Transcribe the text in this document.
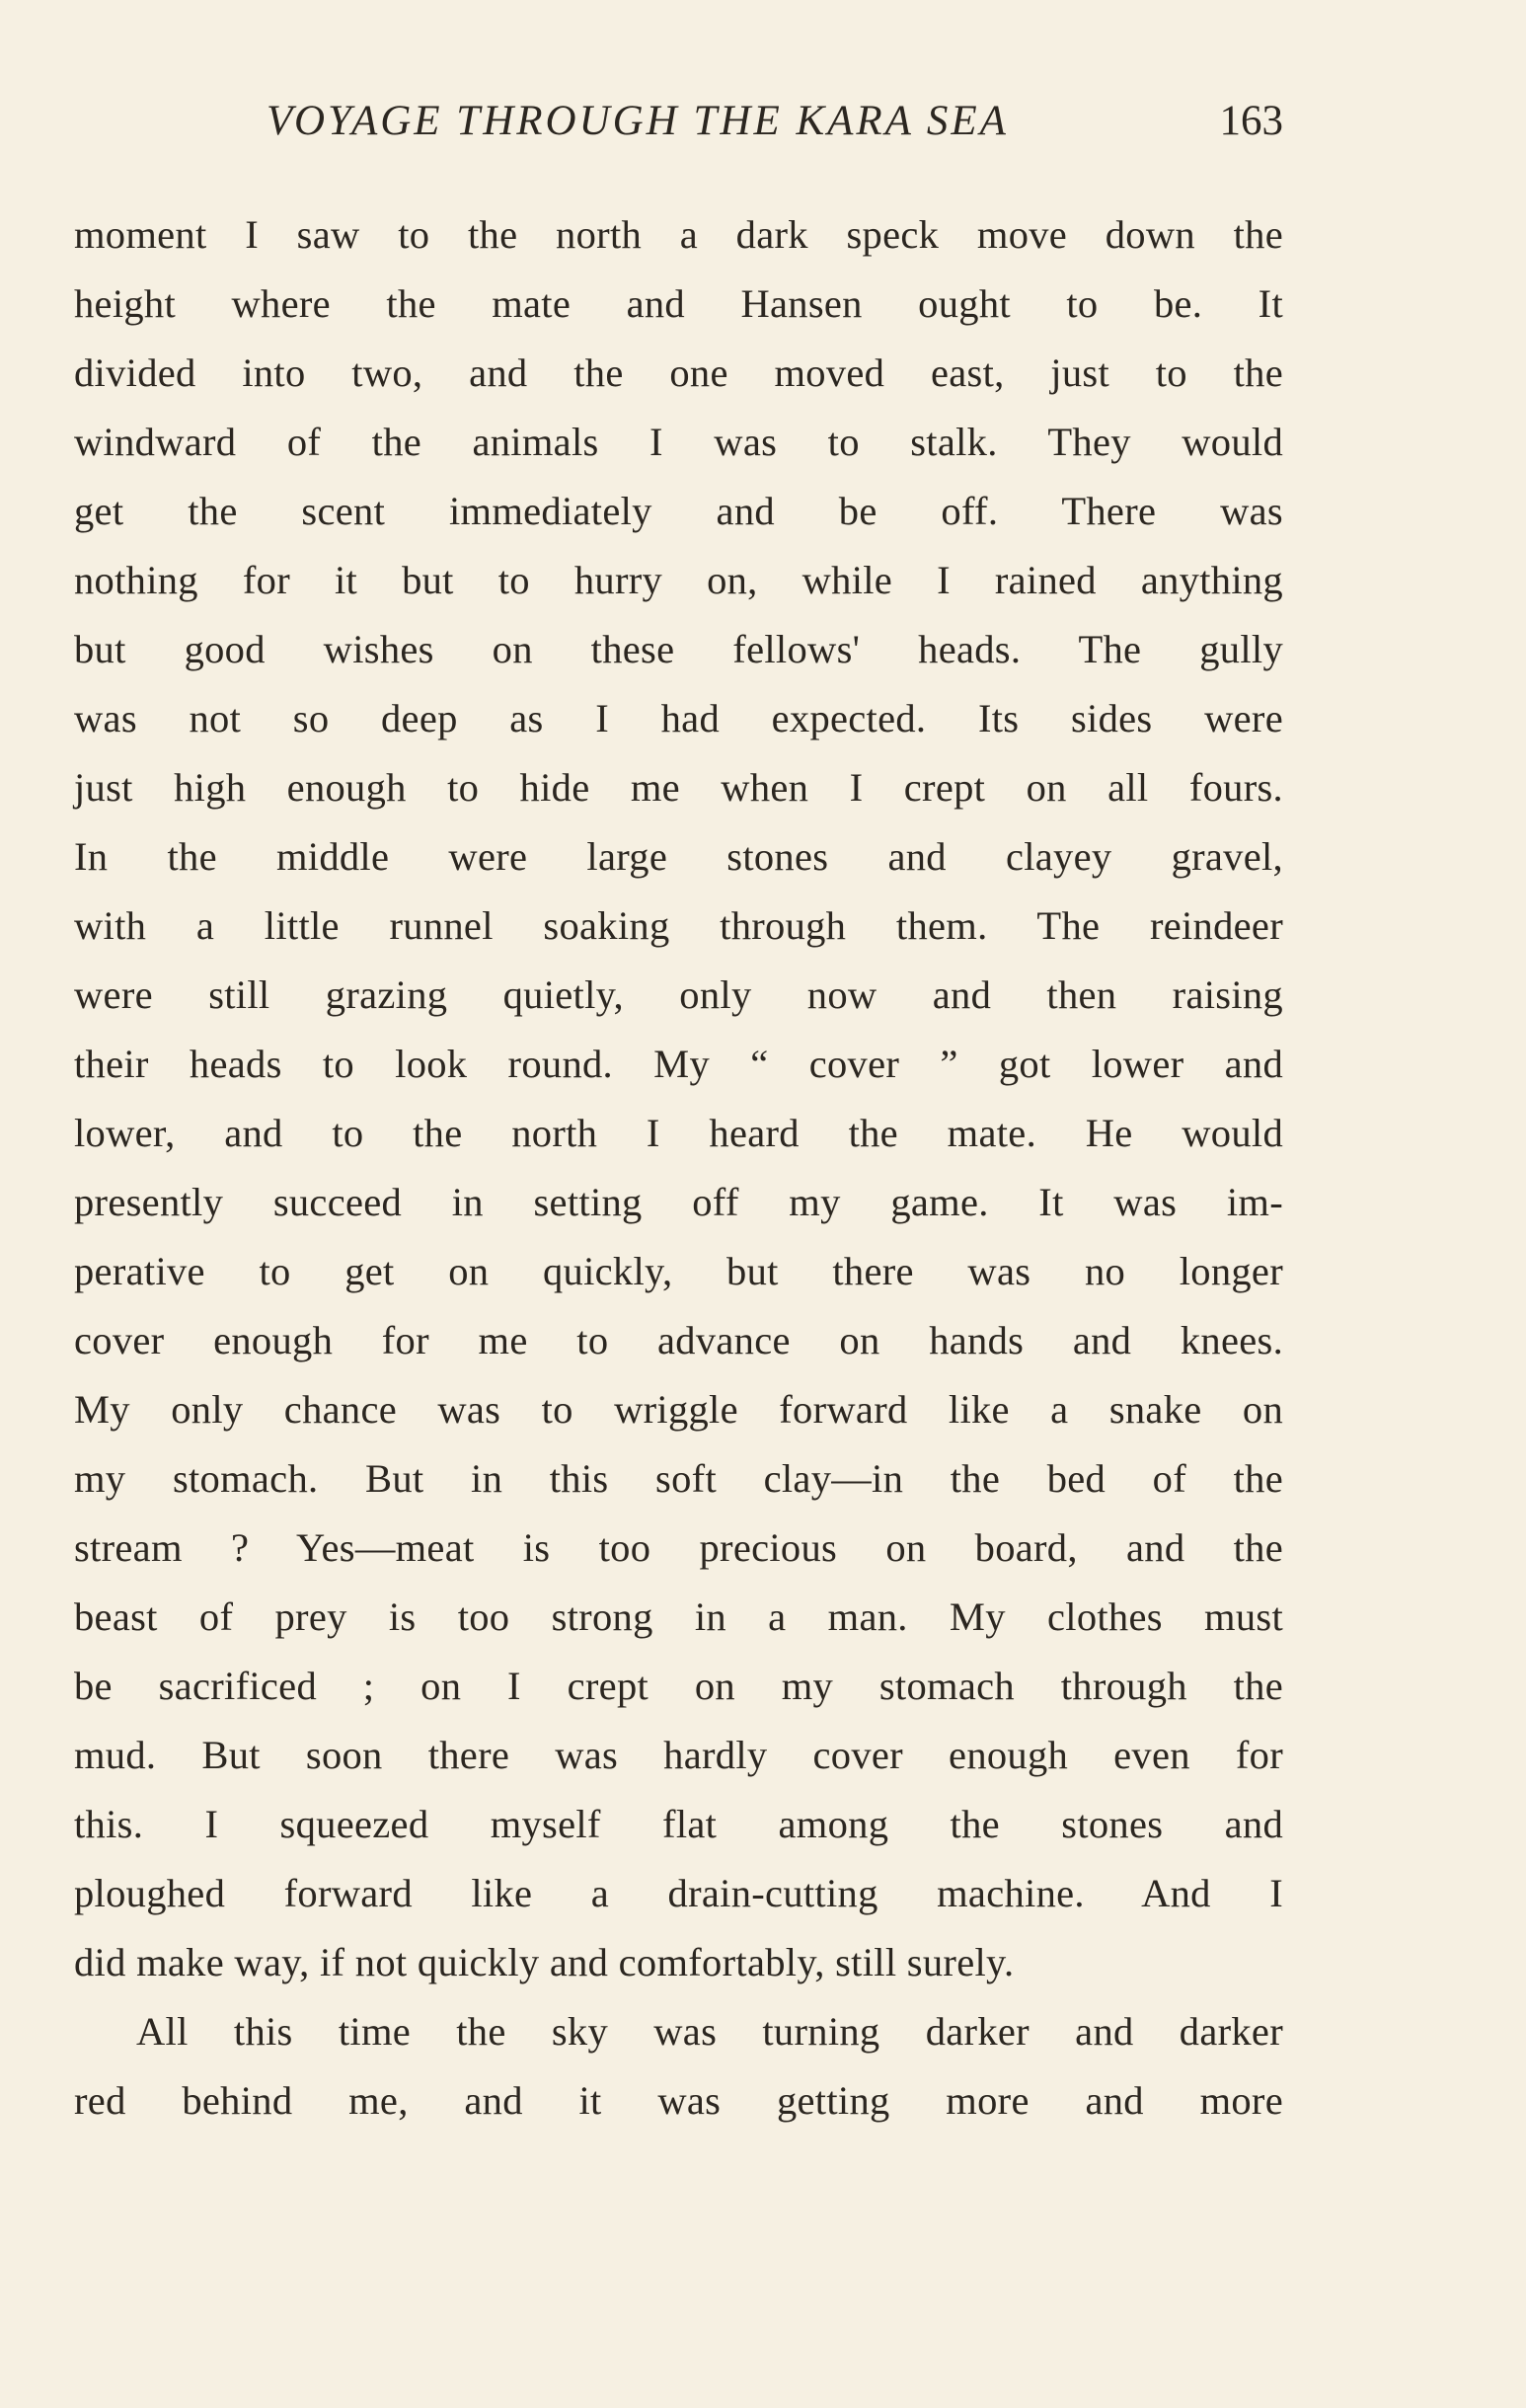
VOYAGE THROUGH THE KARA SEA	163
moment I saw to the north a dark speck move down the
height where the mate and Hansen ought to be. It
divided into two, and the one moved east, just to the
windward of the animals I was to stalk. They would
get the scent immediately and be off. There was
nothing for it but to hurry on, while I rained anything
but good wishes on these fellows' heads. The gully
was not so deep as I had expected. Its sides were
just high enough to hide me when I crept on all fours.
In the middle were large stones and clayey gravel,
with a little runnel soaking through them. The reindeer
were still grazing quietly, only now and then raising
their heads to look round. My “ cover ” got lower and
lower, and to the north I heard the mate. He would
presently succeed in setting off my game. It was im-
perative to get on quickly, but there was no longer
cover enough for me to advance on hands and knees.
My only chance was to wriggle forward like a snake on
my stomach. But in this soft clay—in the bed of the
stream ? Yes—meat is too precious on board, and the
beast of prey is too strong in a man. My clothes must
be sacrificed ; on I crept on my stomach through the
mud. But soon there was hardly cover enough even for
this. I squeezed myself flat among the stones and
ploughed forward like a drain-cutting machine. And I
did make way, if not quickly and comfortably, still surely.
All this time the sky was turning darker and darker
red behind me, and it was getting more and more
